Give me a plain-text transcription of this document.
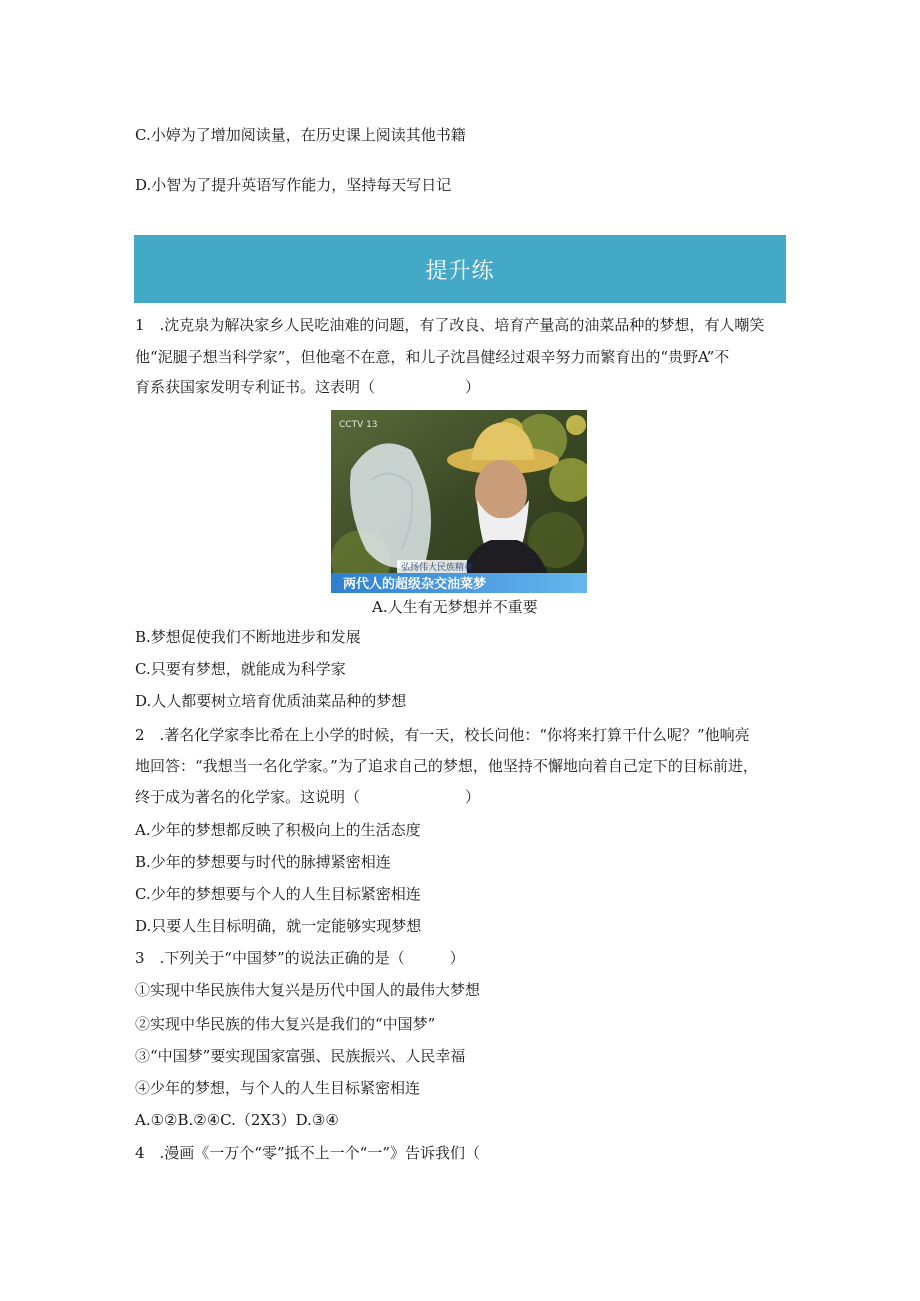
C.小婷为了增加阅读量，在历史课上阅读其他书籍
D.小智为了提升英语写作能力，坚持每天写日记
提升练
1　.沈克泉为解决家乡人民吃油难的问题，有了改良、培育产量高的油菜品种的梦想，有人嘲笑
他“泥腿子想当科学家”，但他毫不在意，和儿子沈昌健经过艰辛努力而繁育出的“贵野A”不
育系获国家发明专利证书。这表明（　　　　　　）
CCTV 13
弘扬伟大民族精神
两代人的超级杂交油菜梦
A.人生有无梦想并不重要
B.梦想促使我们不断地进步和发展
C.只要有梦想，就能成为科学家
D.人人都要树立培育优质油菜品种的梦想
2　.著名化学家李比希在上小学的时候，有一天，校长问他：“你将来打算干什么呢？”他响亮
地回答：“我想当一名化学家。”为了追求自己的梦想，他坚持不懈地向着自己定下的目标前进，
终于成为著名的化学家。这说明（　　　　　　　）
A.少年的梦想都反映了积极向上的生活态度
B.少年的梦想要与时代的脉搏紧密相连
C.少年的梦想要与个人的人生目标紧密相连
D.只要人生目标明确，就一定能够实现梦想
3　.下列关于“中国梦”的说法正确的是（　　　）
①实现中华民族伟大复兴是历代中国人的最伟大梦想
②实现中华民族的伟大复兴是我们的“中国梦”
③“中国梦”要实现国家富强、民族振兴、人民幸福
④少年的梦想，与个人的人生目标紧密相连
A.①②B.②④C.（2X3）D.③④
4　.漫画《一万个“零”抵不上一个“一”》告诉我们（
